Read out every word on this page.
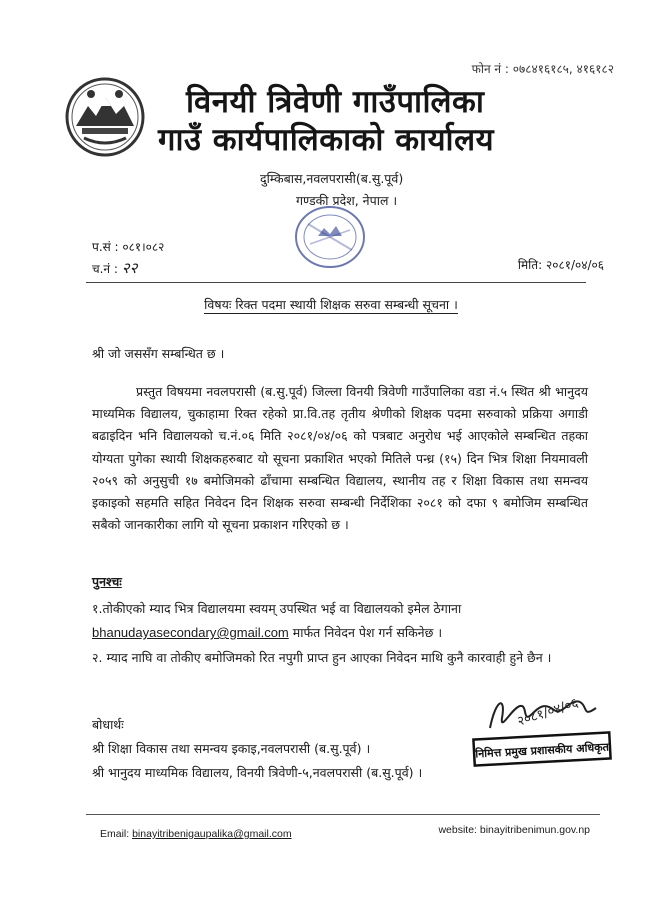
फोन नं : ०७८४१६१८५, ४१६१८२
विनयी त्रिवेणी गाउँपालिका
गाउँ कार्यपालिकाको कार्यालय
दुम्किबास,नवलपरासी(ब.सु.पूर्व)
गण्डकी प्रदेश, नेपाल ।
प.सं : ०८१।०८२
च.नं : २२	मिति: २०८१/०४/०६
विषयः रिक्त पदमा स्थायी शिक्षक सरुवा सम्बन्धी सूचना ।
श्री जो जससँग सम्बन्धित छ ।
प्रस्तुत विषयमा नवलपरासी (ब.सु.पूर्व) जिल्ला विनयी त्रिवेणी गाउँपालिका वडा नं.५ स्थित श्री भानुदय माध्यमिक विद्यालय, चुकाहामा रिक्त रहेको प्रा.वि.तह तृतीय श्रेणीको शिक्षक पदमा सरुवाको प्रक्रिया अगाडी बढाइदिन भनि विद्यालयको च.नं.०६ मिति २०८१/०४/०६ को पत्रबाट अनुरोध भई आएकोले सम्बन्धित तहका योग्यता पुगेका स्थायी शिक्षकहरुबाट यो सूचना प्रकाशित भएको मितिले पन्ध्र (१५) दिन भित्र शिक्षा नियमावली २०५९ को अनुसुची १७ बमोजिमको ढाँचामा सम्बन्धित विद्यालय, स्थानीय तह र शिक्षा विकास तथा समन्वय इकाइको सहमति सहित निवेदन दिन शिक्षक सरुवा सम्बन्धी निर्देशिका २०८१ को दफा ९ बमोजिम सम्बन्धित सबैको जानकारीका लागि यो सूचना प्रकाशन गरिएको छ ।
पुनश्चः
१.तोकीएको म्याद भित्र विद्यालयमा स्वयम् उपस्थित भई वा विद्यालयको इमेल ठेगाना
bhanudayasecondary@gmail.com मार्फत निवेदन पेश गर्न सकिनेछ ।
२. म्याद नाघि वा तोकीए बमोजिमको रित नपुगी प्राप्त हुन आएका निवेदन माथि कुनै कारवाही हुने छैन ।
बोधार्थः
श्री शिक्षा विकास तथा समन्वय इकाइ,नवलपरासी (ब.सु.पूर्व) ।
श्री भानुदय माध्यमिक विद्यालय, विनयी त्रिवेणी-५,नवलपरासी (ब.सु.पूर्व) ।
२०८१/०४/०६
निमित्त प्रमुख प्रशासकीय अधिकृत
Email: binayitribenigaupalika@gmail.com	website: binayitribenimun.gov.np
